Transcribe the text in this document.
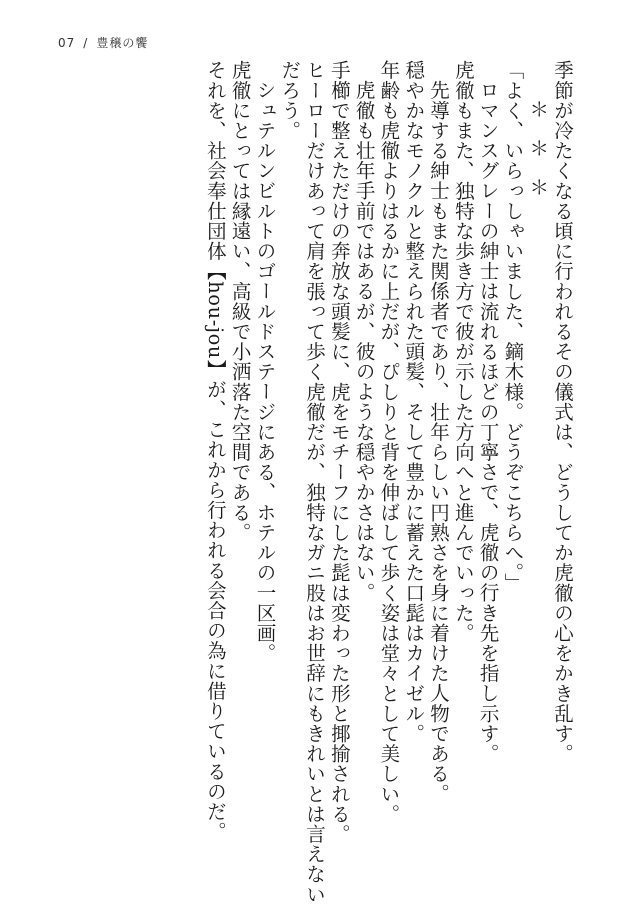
07 / 豊穣の饗
季節が冷たくなる頃に行われるその儀式は、どうしてか虎徹の心をかき乱す。
＊＊＊
「よく、いらっしゃいました、鏑木様。どうぞこちらへ。」
ロマンスグレーの紳士は流れるほどの丁寧さで、虎徹の行き先を指し示す。
虎徹もまた、独特な歩き方で彼が示した方向へと進んでいった。
先導する紳士もまた関係者であり、壮年らしい円熟さを身に着けた人物である。
穏やかなモノクルと整えられた頭髪、そして豊かに蓄えた口髭はカイゼル。
年齢も虎徹よりはるかに上だが、ぴしりと背を伸ばして歩く姿は堂々として美しい。
虎徹も壮年手前ではあるが、彼のような穏やかさはない。
手櫛で整えただけの奔放な頭髪に、虎をモチーフにした髭は変わった形と揶揄される。
ヒーローだけあって肩を張って歩く虎徹だが、独特なガニ股はお世辞にもきれいとは言えない
だろう。
シュテルンビルトのゴールドステージにある、ホテルの一区画。
虎徹にとっては縁遠い、高級で小洒落た空間である。
それを、社会奉仕団体【hou-jou】が、これから行われる会合の為に借りているのだ。
